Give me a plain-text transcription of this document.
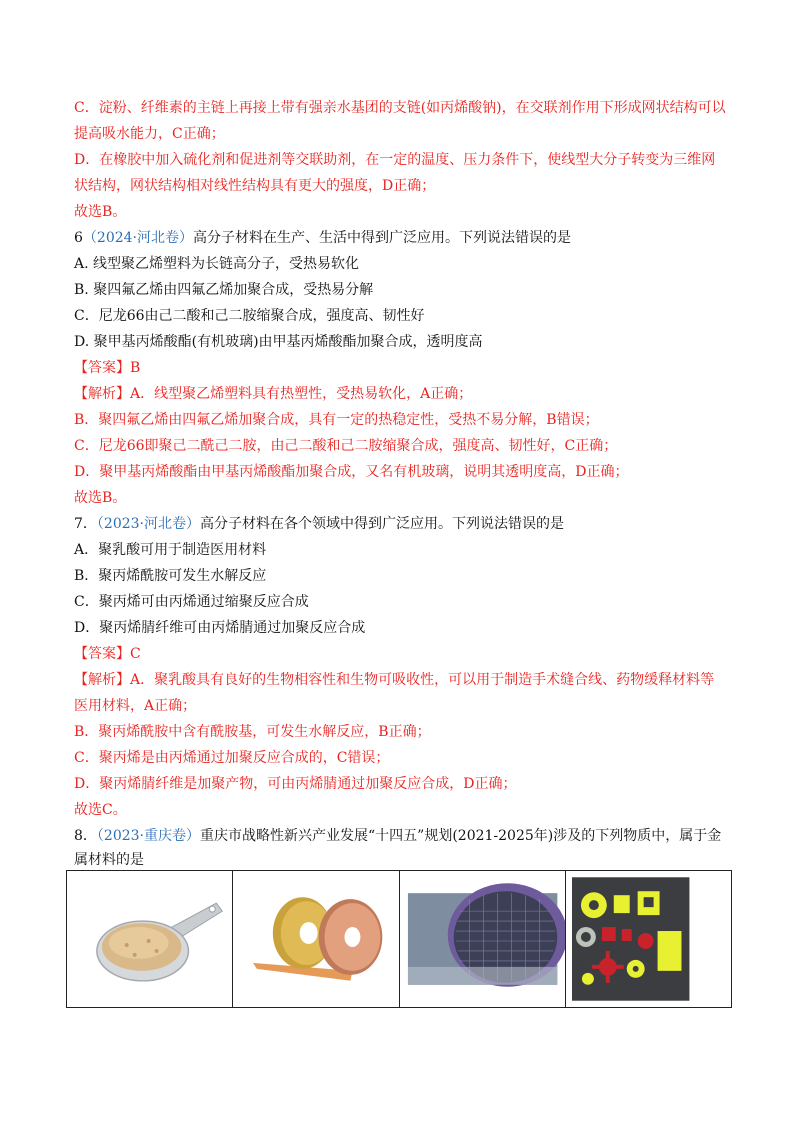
C．淀粉、纤维素的主链上再接上带有强亲水基团的支链(如丙烯酸钠)，在交联剂作用下形成网状结构可以
提高吸水能力，C正确；
D．在橡胶中加入硫化剂和促进剂等交联助剂，在一定的温度、压力条件下，使线型大分子转变为三维网
状结构，网状结构相对线性结构具有更大的强度，D正确；
故选B。
6（2024·河北卷）高分子材料在生产、生活中得到广泛应用。下列说法错误的是
A. 线型聚乙烯塑料为长链高分子，受热易软化
B. 聚四氟乙烯由四氟乙烯加聚合成，受热易分解
C．尼龙66由己二酸和己二胺缩聚合成，强度高、韧性好
D. 聚甲基丙烯酸酯(有机玻璃)由甲基丙烯酸酯加聚合成，透明度高
【答案】B
【解析】A．线型聚乙烯塑料具有热塑性，受热易软化，A正确；
B．聚四氟乙烯由四氟乙烯加聚合成，具有一定的热稳定性，受热不易分解，B错误；
C．尼龙66即聚己二酰己二胺，由己二酸和己二胺缩聚合成，强度高、韧性好，C正确；
D．聚甲基丙烯酸酯由甲基丙烯酸酯加聚合成，又名有机玻璃，说明其透明度高，D正确；
故选B。
7．（2023·河北卷）高分子材料在各个领域中得到广泛应用。下列说法错误的是
A．聚乳酸可用于制造医用材料
B．聚丙烯酰胺可发生水解反应
C．聚丙烯可由丙烯通过缩聚反应合成
D．聚丙烯腈纤维可由丙烯腈通过加聚反应合成
【答案】C
【解析】A．聚乳酸具有良好的生物相容性和生物可吸收性，可以用于制造手术缝合线、药物缓释材料等
医用材料，A正确；
B．聚丙烯酰胺中含有酰胺基，可发生水解反应，B正确；
C．聚丙烯是由丙烯通过加聚反应合成的，C错误；
D．聚丙烯腈纤维是加聚产物，可由丙烯腈通过加聚反应合成，D正确；
故选C。
8．（2023·重庆卷）重庆市战略性新兴产业发展“十四五”规划(2021-2025年)涉及的下列物质中，属于金
属材料的是
